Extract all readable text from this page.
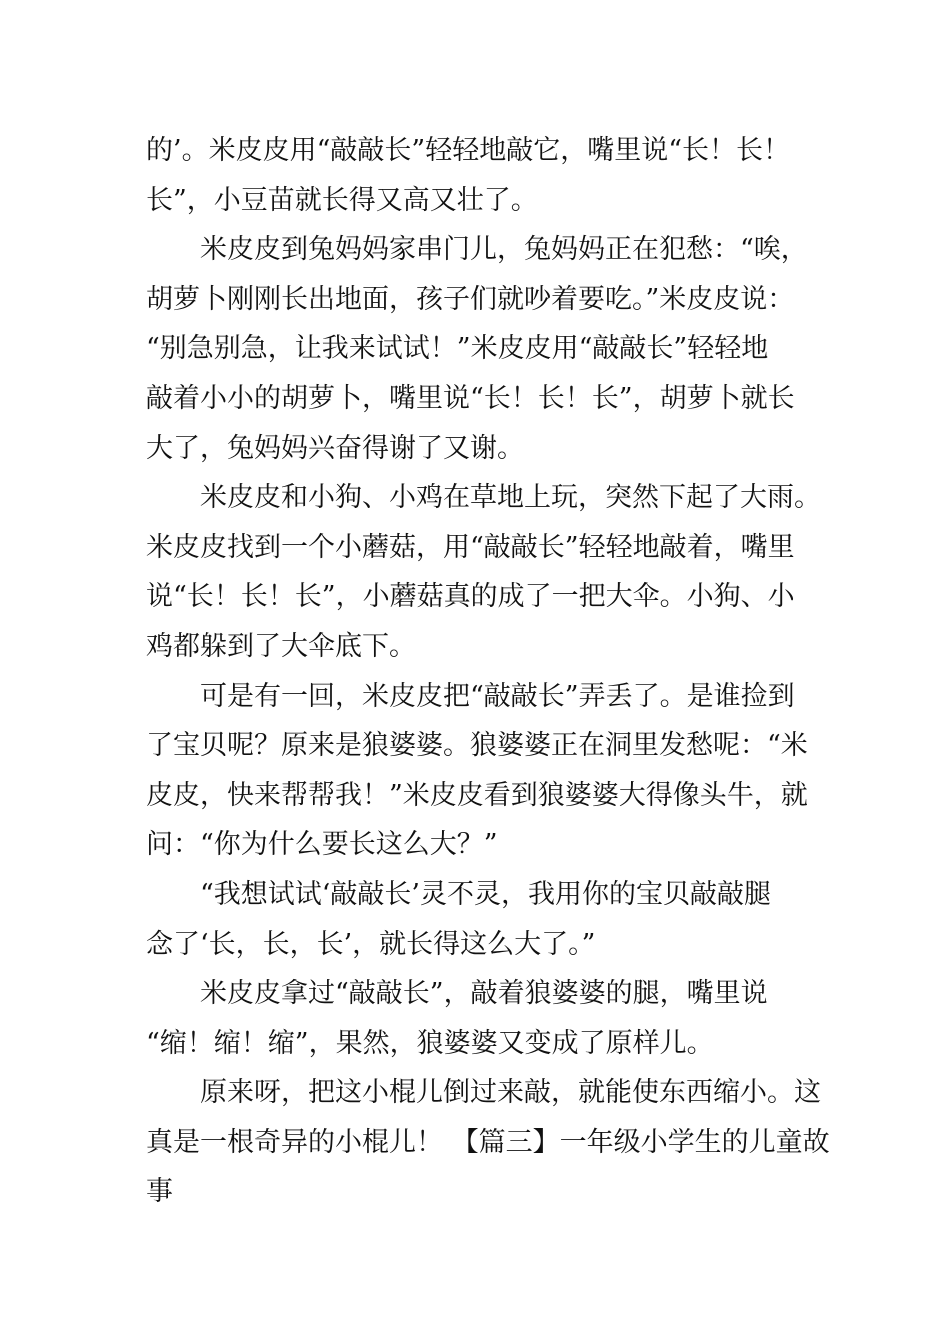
的’。米皮皮用“敲敲长”轻轻地敲它，嘴里说“长！长！
长”，小豆苗就长得又高又壮了。
米皮皮到兔妈妈家串门儿，兔妈妈正在犯愁：“唉，
胡萝卜刚刚长出地面，孩子们就吵着要吃。”米皮皮说：
“别急别急，让我来试试！”米皮皮用“敲敲长”轻轻地
敲着小小的胡萝卜，嘴里说“长！长！长”，胡萝卜就长
大了，兔妈妈兴奋得谢了又谢。
米皮皮和小狗、小鸡在草地上玩，突然下起了大雨。
米皮皮找到一个小蘑菇，用“敲敲长”轻轻地敲着，嘴里
说“长！长！长”，小蘑菇真的成了一把大伞。小狗、小
鸡都躲到了大伞底下。
可是有一回，米皮皮把“敲敲长”弄丢了。是谁捡到
了宝贝呢？原来是狼婆婆。狼婆婆正在洞里发愁呢：“米
皮皮，快来帮帮我！”米皮皮看到狼婆婆大得像头牛，就
问：“你为什么要长这么大？”
“我想试试‘敲敲长’灵不灵，我用你的宝贝敲敲腿
念了‘长，长，长’，就长得这么大了。”
米皮皮拿过“敲敲长”，敲着狼婆婆的腿，嘴里说
“缩！缩！缩”，果然，狼婆婆又变成了原样儿。
原来呀，把这小棍儿倒过来敲，就能使东西缩小。这
真是一根奇异的小棍儿！ 【篇三】一年级小学生的儿童故
事
